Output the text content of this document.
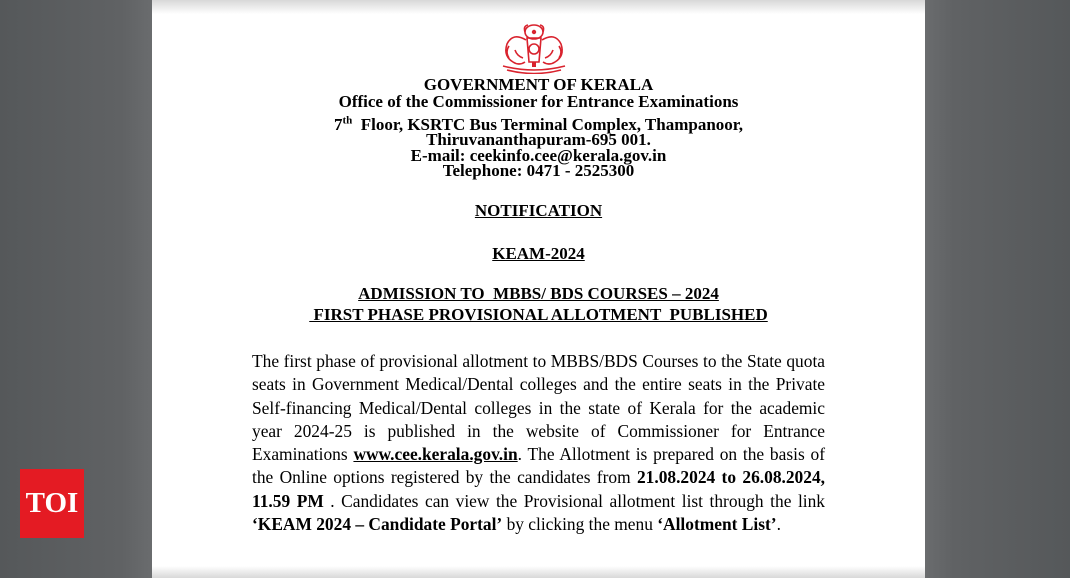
GOVERNMENT OF KERALA
Office of the Commissioner for Entrance Examinations
7th Floor, KSRTC Bus Terminal Complex, Thampanoor,
Thiruvananthapuram-695 001.
E-mail: ceekinfo.cee@kerala.gov.in
Telephone: 0471 - 2525300
NOTIFICATION
KEAM-2024
ADMISSION TO  MBBS/ BDS COURSES – 2024
FIRST PHASE PROVISIONAL ALLOTMENT  PUBLISHED
The first phase of provisional allotment to MBBS/BDS Courses to the State quota seats in Government Medical/Dental colleges and the entire seats in the Private Self-financing Medical/Dental colleges in the state of Kerala for the academic year 2024-25 is published in the website of Commissioner for Entrance Examinations www.cee.kerala.gov.in. The Allotment is prepared on the basis of the Online options registered by the candidates from 21.08.2024 to 26.08.2024, 11.59 PM . Candidates can view the Provisional allotment list through the link ‘KEAM 2024 – Candidate Portal’ by clicking the menu ‘Allotment List’.
TOI
